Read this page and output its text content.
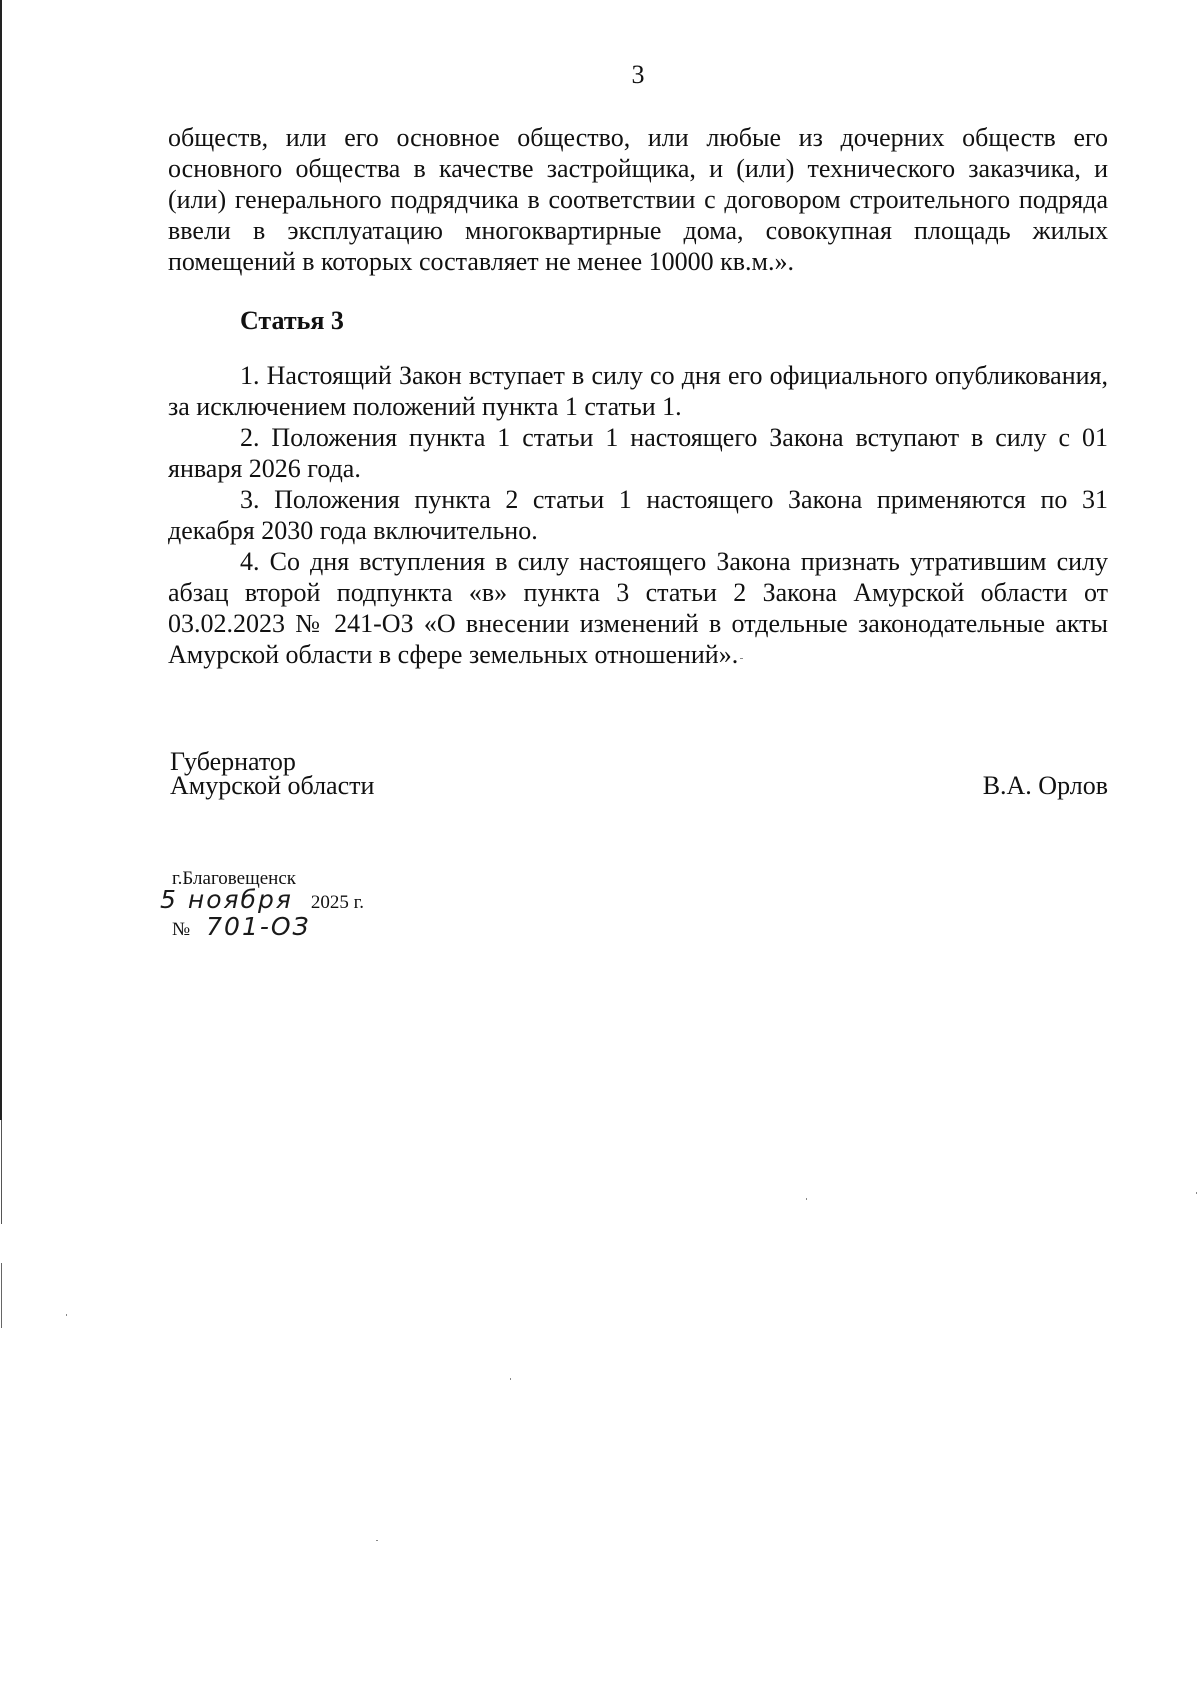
3

обществ, или его основное общество, или любые из дочерних обществ его основного общества в качестве застройщика, и (или) технического заказчика, и (или) генерального подрядчика в соответствии с договором строительного подряда ввели в эксплуатацию многоквартирные дома, совокупная площадь жилых помещений в которых составляет не менее 10000 кв.м.».

Статья 3

1. Настоящий Закон вступает в силу со дня его официального опубликования, за исключением положений пункта 1 статьи 1.

2. Положения пункта 1 статьи 1 настоящего Закона вступают в силу с 01 января 2026 года.

3. Положения пункта 2 статьи 1 настоящего Закона применяются по 31 декабря 2030 года включительно.

4. Со дня вступления в силу настоящего Закона признать утратившим силу абзац второй подпункта «в» пункта 3 статьи 2 Закона Амурской области от 03.02.2023 № 241-ОЗ «О внесении изменений в отдельные законодательные акты Амурской области в сфере земельных отношений».

Губернатор
Амурской области	В.А. Орлов
г.Благовещенск
5 ноября 2025 г.
№ 701-ОЗ
